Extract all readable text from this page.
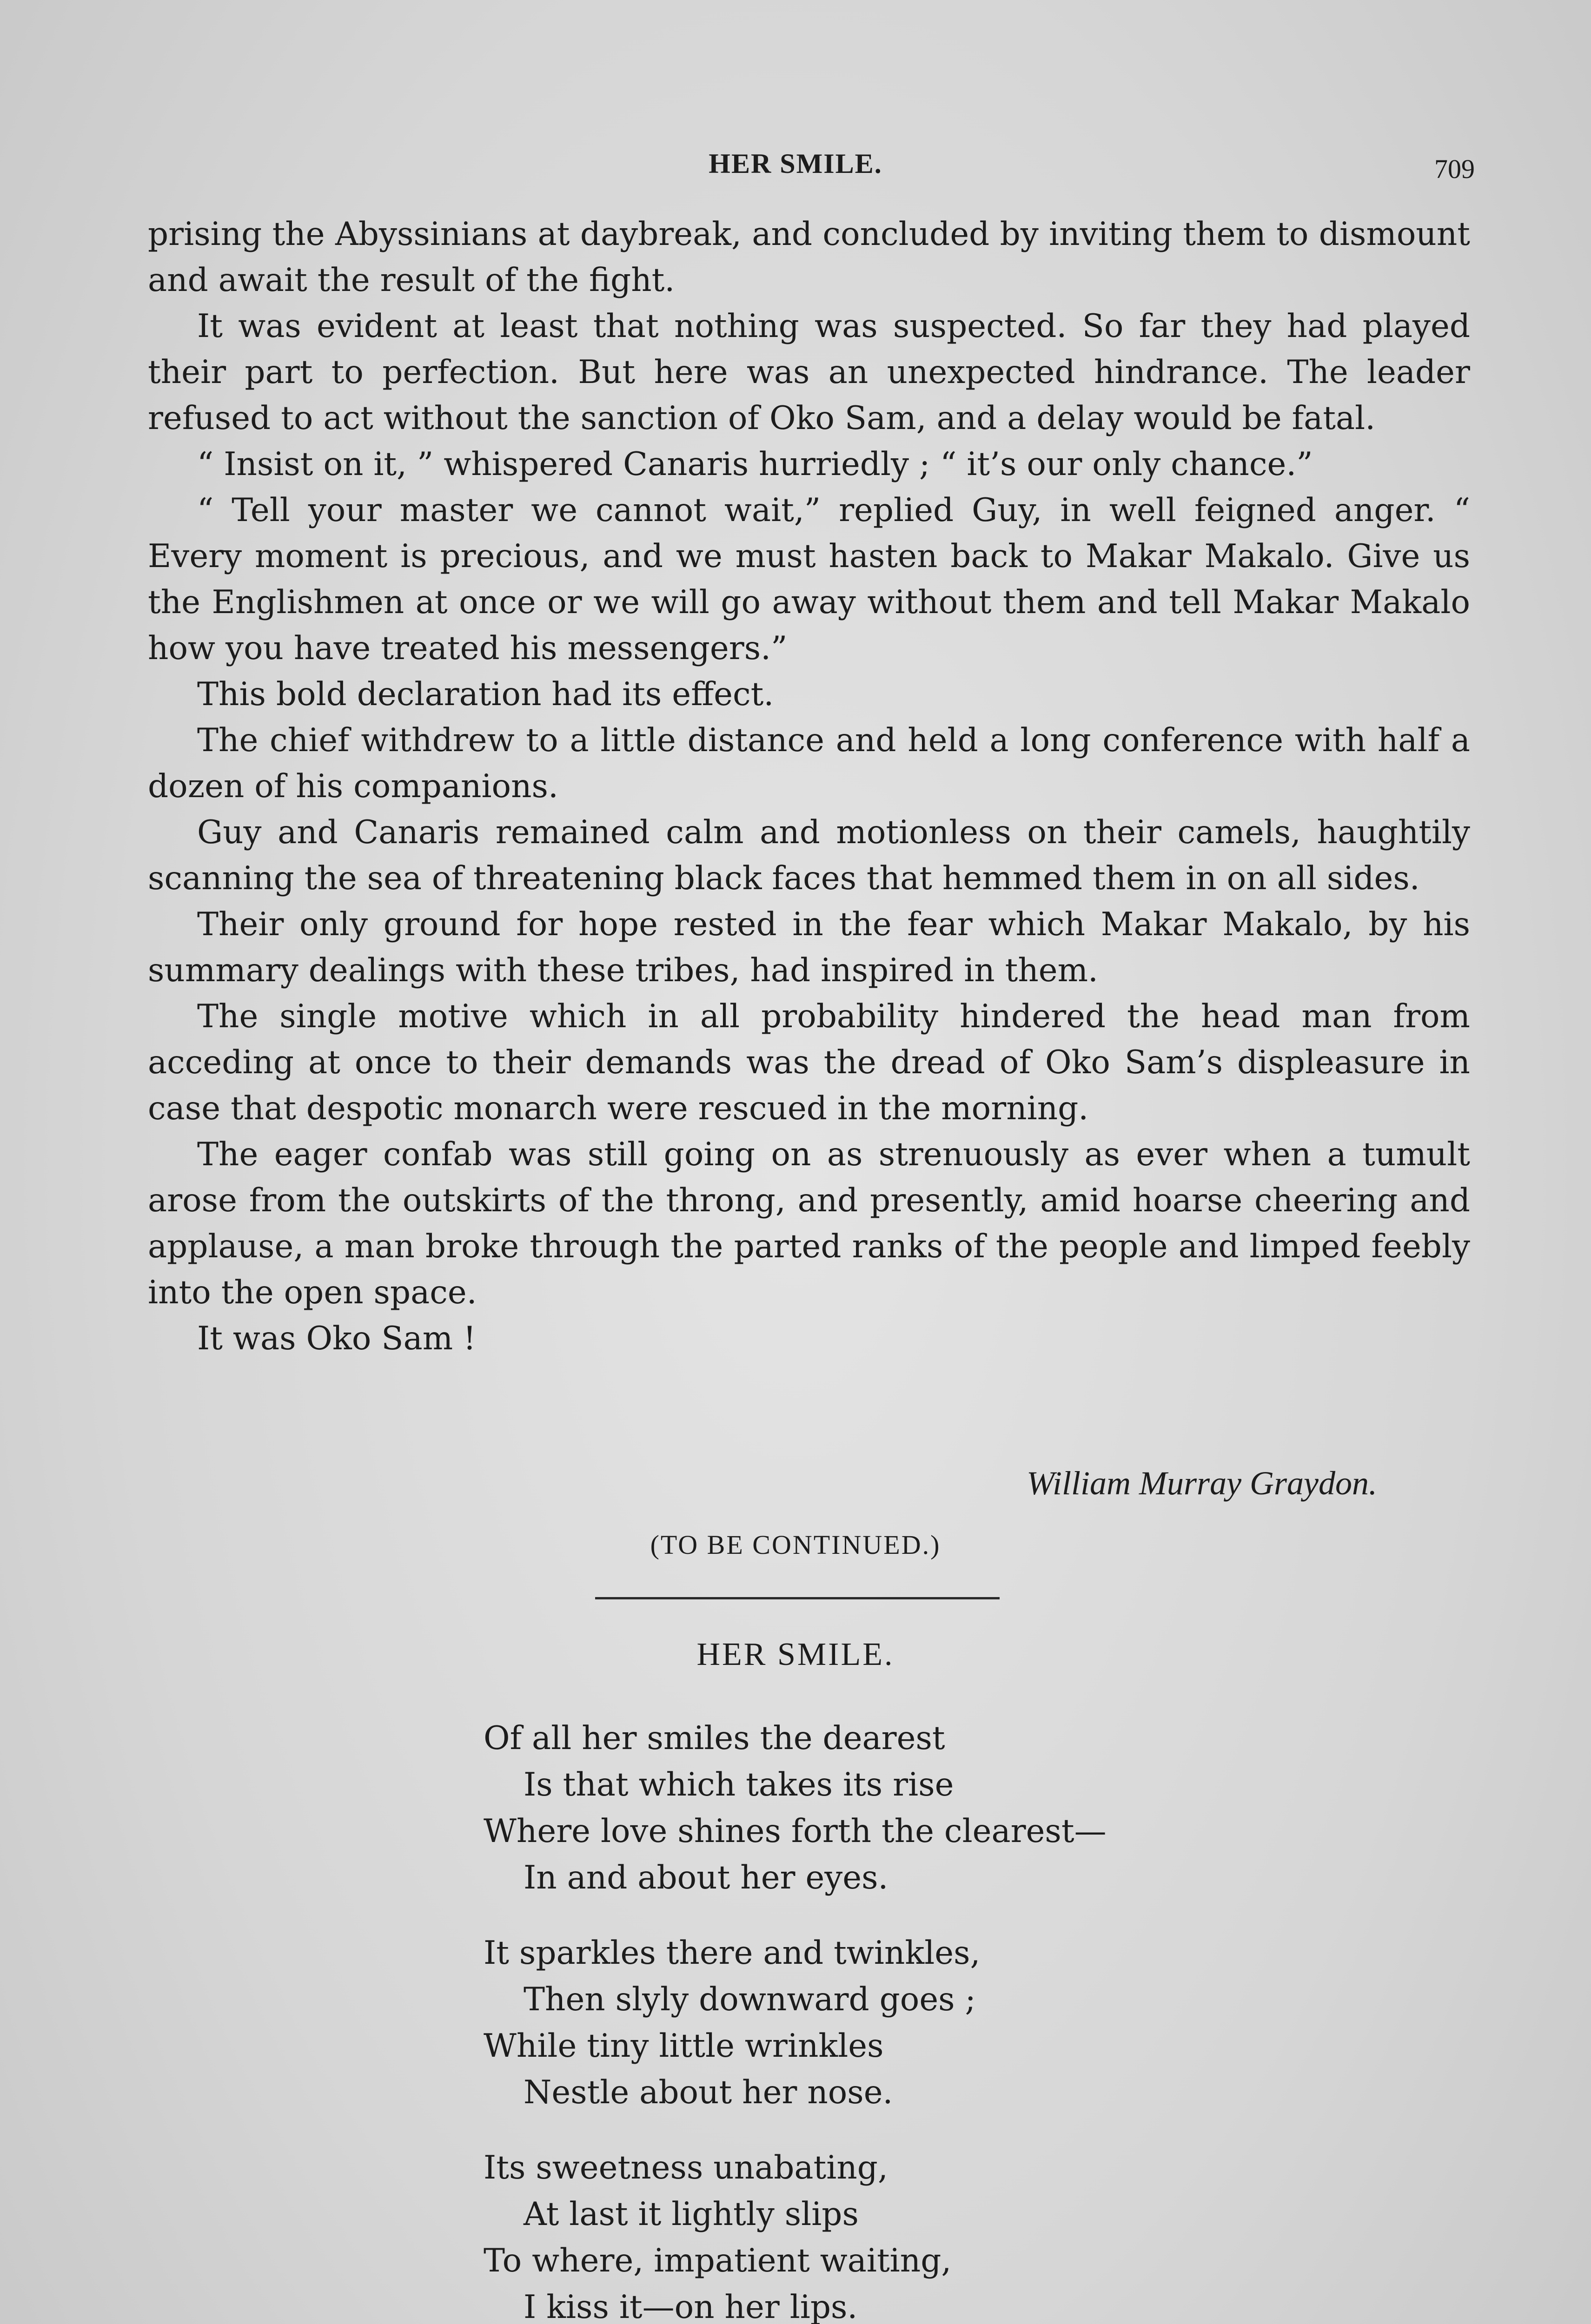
HER SMILE.	709

prising the Abyssinians at daybreak, and concluded by inviting them to dismount and await the result of the fight.

It was evident at least that nothing was suspected. So far they had played their part to perfection. But here was an unexpected hindrance. The leader refused to act without the sanction of Oko Sam, and a delay would be fatal.

“ Insist on it, ” whispered Canaris hurriedly ; “ it’s our only chance.”

“ Tell your master we cannot wait,” replied Guy, in well feigned anger. “ Every moment is precious, and we must hasten back to Makar Makalo. Give us the Englishmen at once or we will go away without them and tell Makar Makalo how you have treated his messengers.”

This bold declaration had its effect.

The chief withdrew to a little distance and held a long conference with half a dozen of his companions.

Guy and Canaris remained calm and motionless on their camels, haughtily scanning the sea of threatening black faces that hemmed them in on all sides.

Their only ground for hope rested in the fear which Makar Makalo, by his summary dealings with these tribes, had inspired in them.

The single motive which in all probability hindered the head man from acceding at once to their demands was the dread of Oko Sam’s displeasure in case that despotic monarch were rescued in the morning.

The eager confab was still going on as strenuously as ever when a tumult arose from the outskirts of the throng, and presently, amid hoarse cheering and applause, a man broke through the parted ranks of the people and limped feebly into the open space.

It was Oko Sam !

William Murray Graydon.
(TO BE CONTINUED.)
HER SMILE.
Of all her smiles the dearest
Is that which takes its rise
Where love shines forth the clearest—
In and about her eyes.
It sparkles there and twinkles,
Then slyly downward goes ;
While tiny little wrinkles
Nestle about her nose.
Its sweetness unabating,
At last it lightly slips
To where, impatient waiting,
I kiss it—on her lips.
